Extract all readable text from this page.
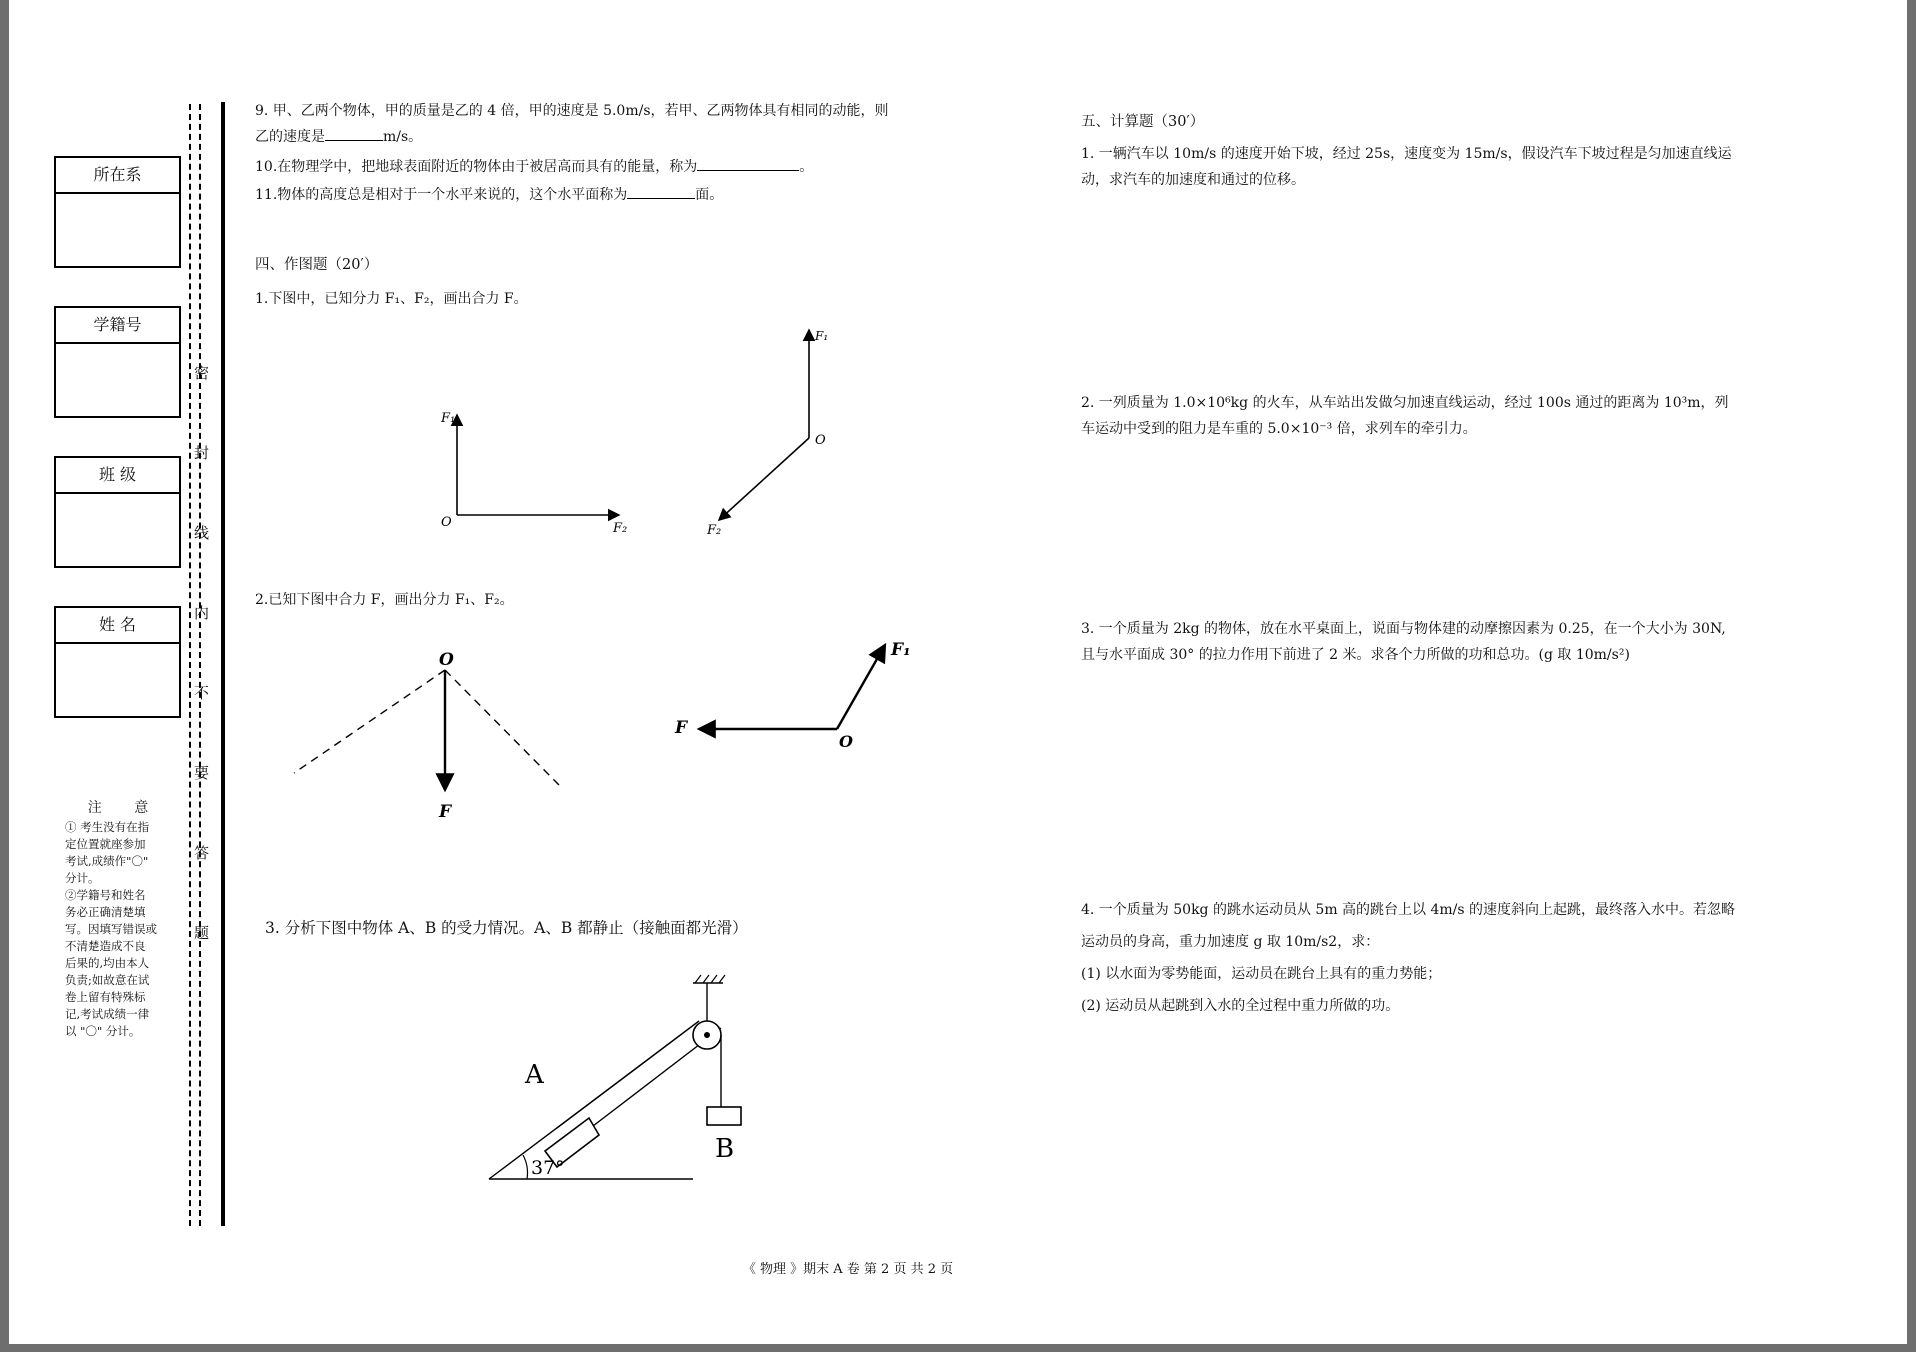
所在系
学籍号
班 级
姓 名
注 意
① 考生没有在指
定位置就座参加
考试,成绩作"〇"
分计。
②学籍号和姓名
务必正确清楚填
写。因填写错误或
不清楚造成不良
后果的,均由本人
负责;如故意在试
卷上留有特殊标
记,考试成绩一律
以 "〇" 分计。
密
封
线
内
不
要
答
题
9. 甲、乙两个物体，甲的质量是乙的 4 倍，甲的速度是 5.0m/s，若甲、乙两物体具有相同的动能，则
乙的速度是	m/s。
10.在物理学中，把地球表面附近的物体由于被居高而具有的能量，称为	。
11.物体的高度总是相对于一个水平来说的，这个水平面称为	面。
四、作图题（20′）
1.下图中，已知分力 F₁、F₂，画出合力 F。
F₁
O	F₂
F₁
O
F₂
2.已知下图中合力 F，画出分力 F₁、F₂。
O
F
F₁
F
O
3. 分析下图中物体 A、B 的受力情况。A、B 都静止（接触面都光滑）
A
37°
B
五、计算题（30′）
1. 一辆汽车以 10m/s 的速度开始下坡，经过 25s，速度变为 15m/s，假设汽车下坡过程是匀加速直线运
动，求汽车的加速度和通过的位移。
2. 一列质量为 1.0×10⁶kg 的火车，从车站出发做匀加速直线运动，经过 100s 通过的距离为 10³m，列
车运动中受到的阻力是车重的 5.0×10⁻³ 倍，求列车的牵引力。
3. 一个质量为 2kg 的物体，放在水平桌面上，说面与物体建的动摩擦因素为 0.25，在一个大小为 30N,
且与水平面成 30° 的拉力作用下前进了 2 米。求各个力所做的功和总功。(g 取 10m/s²)
4. 一个质量为 50kg 的跳水运动员从 5m 高的跳台上以 4m/s 的速度斜向上起跳，最终落入水中。若忽略
运动员的身高，重力加速度 g 取 10m/s2，求：
(1) 以水面为零势能面，运动员在跳台上具有的重力势能；
(2) 运动员从起跳到入水的全过程中重力所做的功。
《 物理 》期末 A 卷 第 2 页 共 2 页
